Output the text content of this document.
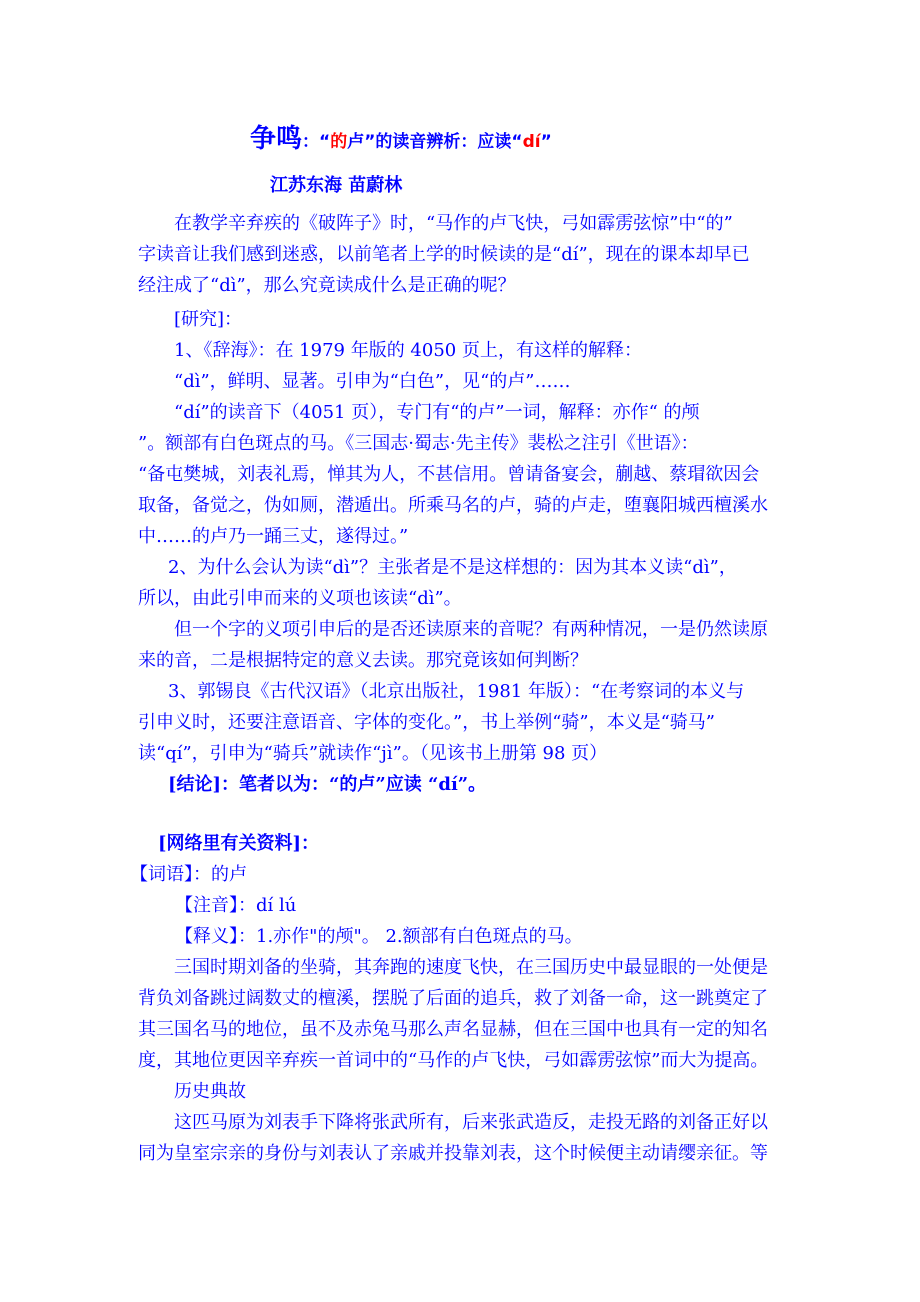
争鸣：“的卢”的读音辨析：应读“dí”
江苏东海 苗蔚林
在教学辛弃疾的《破阵子》时，“马作的卢飞快，弓如霹雳弦惊”中“的”
字读音让我们感到迷惑，以前笔者上学的时候读的是“dí”，现在的课本却早已
经注成了“dì”，那么究竟读成什么是正确的呢？
[研究]：
1、《辞海》：在 1979 年版的 4050 页上，有这样的解释：
“dì”，鲜明、显著。引申为“白色”，见“的卢”……
“dí”的读音下（4051 页），专门有“的卢”一词，解释：亦作“ 的颅
”。额部有白色斑点的马。《三国志·蜀志·先主传》裴松之注引《世语》：
“备屯樊城，刘表礼焉，惮其为人，不甚信用。曾请备宴会，蒯越、蔡瑁欲因会
取备，备觉之，伪如厕，潜遁出。所乘马名的卢，骑的卢走，堕襄阳城西檀溪水
中……的卢乃一踊三丈，遂得过。”
2、为什么会认为读“dì”？主张者是不是这样想的：因为其本义读“dì”，
所以，由此引申而来的义项也该读“dì”。
但一个字的义项引申后的是否还读原来的音呢？有两种情况，一是仍然读原
来的音，二是根据特定的意义去读。那究竟该如何判断？
3、郭锡良《古代汉语》（北京出版社，1981 年版）：“在考察词的本义与
引申义时，还要注意语音、字体的变化。”，书上举例“骑”，本义是“骑马”
读“qí”，引申为“骑兵”就读作“jì”。（见该书上册第 98 页）
[结论]：笔者以为：“的卢”应读 “dí”。
[网络里有关资料]：
【词语】：的卢
【注音】：dí lú
【释义】：1.亦作"的颅"。 2.额部有白色斑点的马。
三国时期刘备的坐骑，其奔跑的速度飞快，在三国历史中最显眼的一处便是
背负刘备跳过阔数丈的檀溪，摆脱了后面的追兵，救了刘备一命，这一跳奠定了
其三国名马的地位，虽不及赤兔马那么声名显赫，但在三国中也具有一定的知名
度，其地位更因辛弃疾一首词中的“马作的卢飞快，弓如霹雳弦惊”而大为提高。
历史典故
这匹马原为刘表手下降将张武所有，后来张武造反，走投无路的刘备正好以
同为皇室宗亲的身份与刘表认了亲戚并投靠刘表，这个时候便主动请缨亲征。等
